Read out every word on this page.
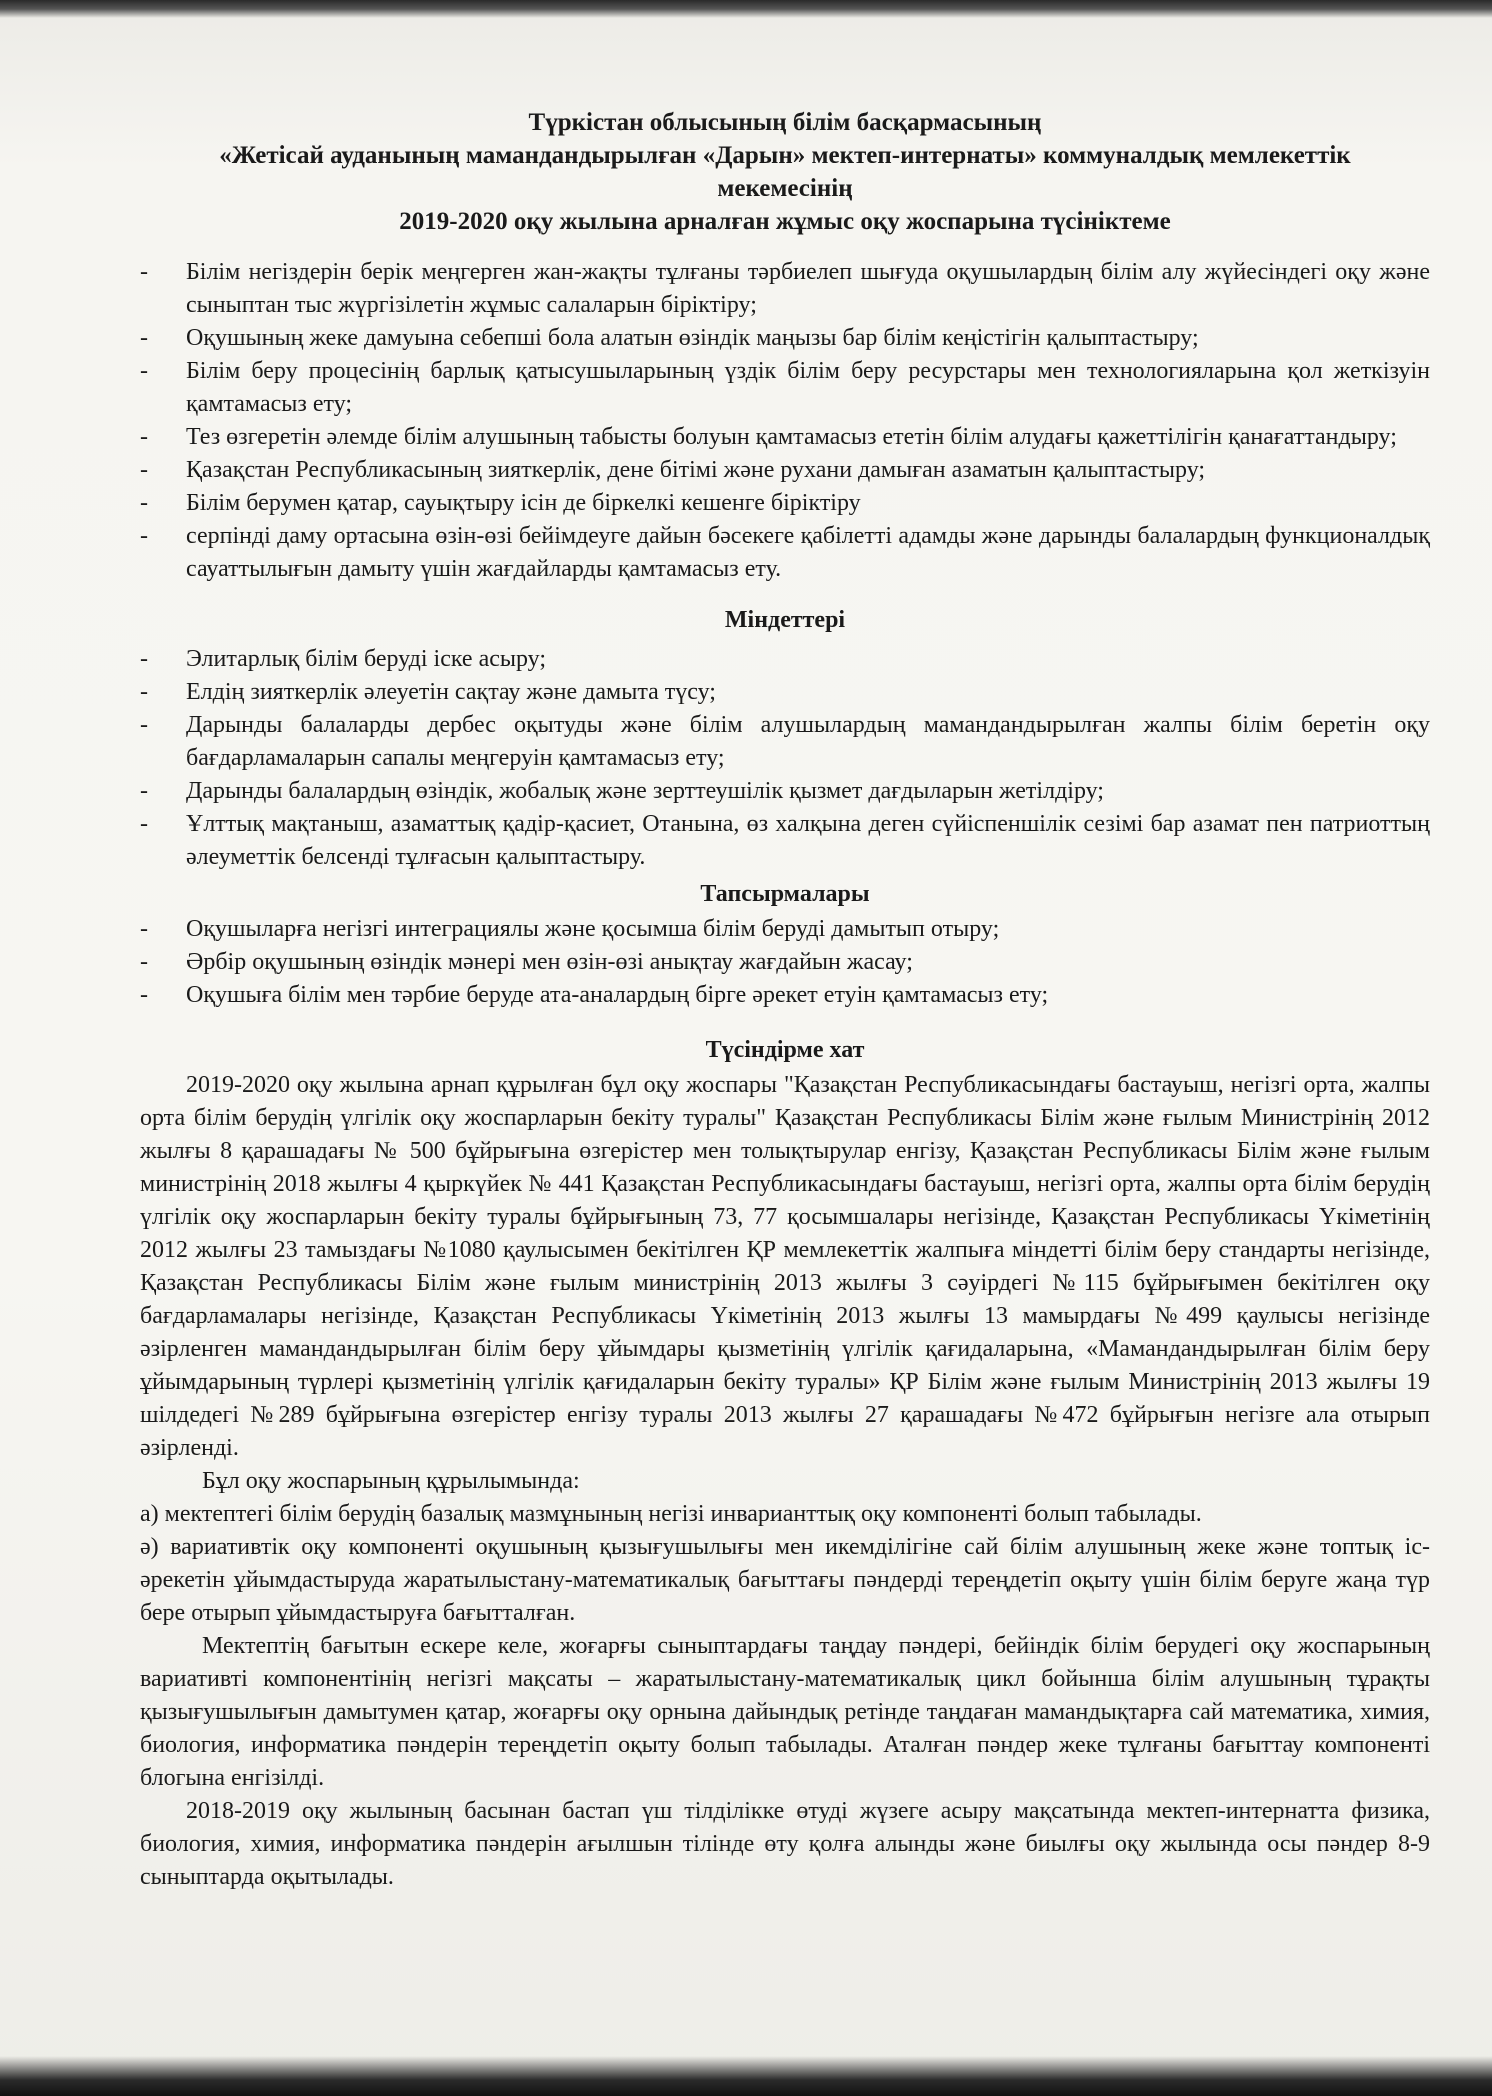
Түркістан облысының білім басқармасының

«Жетісай ауданының мамандандырылған «Дарын» мектеп-интернаты» коммуналдық мемлекеттік

мекемесінің

2019-2020 оқу жылына арналған жұмыс оқу жоспарына түсініктеме

- Білім негіздерін берік меңгерген жан-жақты тұлғаны тәрбиелеп шығуда оқушылардың білім алу жүйесіндегі оқу және сыныптан тыс жүргізілетін жұмыс салаларын біріктіру;
- Оқушының жеке дамуына себепші бола алатын өзіндік маңызы бар білім кеңістігін қалыптастыру;
- Білім беру процесінің барлық қатысушыларының үздік білім беру ресурстары мен технологияларына қол жеткізуін қамтамасыз ету;
- Тез өзгеретін әлемде білім алушының табысты болуын қамтамасыз ететін білім алудағы қажеттілігін қанағаттандыру;
- Қазақстан Республикасының зияткерлік, дене бітімі және рухани дамыған азаматын қалыптастыру;
- Білім берумен қатар, сауықтыру ісін де біркелкі кешенге біріктіру
- серпінді даму ортасына өзін-өзі бейімдеуге дайын бәсекеге қабілетті адамды және дарынды балалардың функционалдық сауаттылығын дамыту үшін жағдайларды қамтамасыз ету.

Міндеттері

- Элитарлық білім беруді іске асыру;
- Елдің зияткерлік әлеуетін сақтау және дамыта түсу;
- Дарынды балаларды дербес оқытуды және білім алушылардың мамандандырылған жалпы білім беретін оқу бағдарламаларын сапалы меңгеруін қамтамасыз ету;
- Дарынды балалардың өзіндік, жобалық және зерттеушілік қызмет дағдыларын жетілдіру;
- Ұлттық мақтаныш, азаматтық қадір-қасиет, Отанына, өз халқына деген сүйіспеншілік сезімі бар азамат пен патриоттың әлеуметтік белсенді тұлғасын қалыптастыру.

Тапсырмалары

- Оқушыларға негізгі интеграциялы және қосымша білім беруді дамытып отыру;
- Әрбір оқушының өзіндік мәнері мен өзін-өзі анықтау жағдайын жасау;
- Оқушыға білім мен тәрбие беруде ата-аналардың бірге әрекет етуін қамтамасыз ету;

Түсіндірме хат

2019-2020 оқу жылына арнап құрылған бұл оқу жоспары "Қазақстан Республикасындағы бастауыш, негізгі орта, жалпы орта білім берудің үлгілік оқу жоспарларын бекіту туралы" Қазақстан Республикасы Білім және ғылым Министрінің 2012 жылғы 8 қарашадағы № 500 бұйрығына өзгерістер мен толықтырулар енгізу, Қазақстан Республикасы Білім және ғылым министрінің 2018 жылғы 4 қыркүйек № 441 Қазақстан Республикасындағы бастауыш, негізгі орта, жалпы орта білім берудің үлгілік оқу жоспарларын бекіту туралы бұйрығының 73, 77 қосымшалары негізінде, Қазақстан Республикасы Үкіметінің 2012 жылғы 23 тамыздағы №1080 қаулысымен бекітілген ҚР мемлекеттік жалпыға міндетті білім беру стандарты негізінде, Қазақстан Республикасы Білім және ғылым министрінің 2013 жылғы 3 сәуірдегі №115 бұйрығымен бекітілген оқу бағдарламалары негізінде, Қазақстан Республикасы Үкіметінің 2013 жылғы 13 мамырдағы №499 қаулысы негізінде әзірленген мамандандырылған білім беру ұйымдары қызметінің үлгілік қағидаларына, «Мамандандырылған білім беру ұйымдарының түрлері қызметінің үлгілік қағидаларын бекіту туралы» ҚР Білім және ғылым Министрінің 2013 жылғы 19 шілдедегі №289 бұйрығына өзгерістер енгізу туралы 2013 жылғы 27 қарашадағы №472 бұйрығын негізге ала отырып әзірленді.

Бұл оқу жоспарының құрылымында:

а) мектептегі білім берудің базалық мазмұнының негізі инварианттық оқу компоненті болып табылады.

ә) вариативтік оқу компоненті оқушының қызығушылығы мен икемділігіне сай білім алушының жеке және топтық іс-әрекетін ұйымдастыруда жаратылыстану-математикалық бағыттағы пәндерді тереңдетіп оқыту үшін білім беруге жаңа түр бере отырып ұйымдастыруға бағытталған.

Мектептің бағытын ескере келе, жоғарғы сыныптардағы таңдау пәндері, бейіндік білім берудегі оқу жоспарының вариативті компонентінің негізгі мақсаты – жаратылыстану-математикалық цикл бойынша білім алушының тұрақты қызығушылығын дамытумен қатар, жоғарғы оқу орнына дайындық ретінде таңдаған мамандықтарға сай математика, химия, биология, информатика пәндерін тереңдетіп оқыту болып табылады. Аталған пәндер жеке тұлғаны бағыттау компоненті блогына енгізілді.

2018-2019 оқу жылының басынан бастап үш тілділікке өтуді жүзеге асыру мақсатында мектеп-интернатта физика, биология, химия, информатика пәндерін ағылшын тілінде өту қолға алынды және биылғы оқу жылында осы пәндер 8-9 сыныптарда оқытылады.
